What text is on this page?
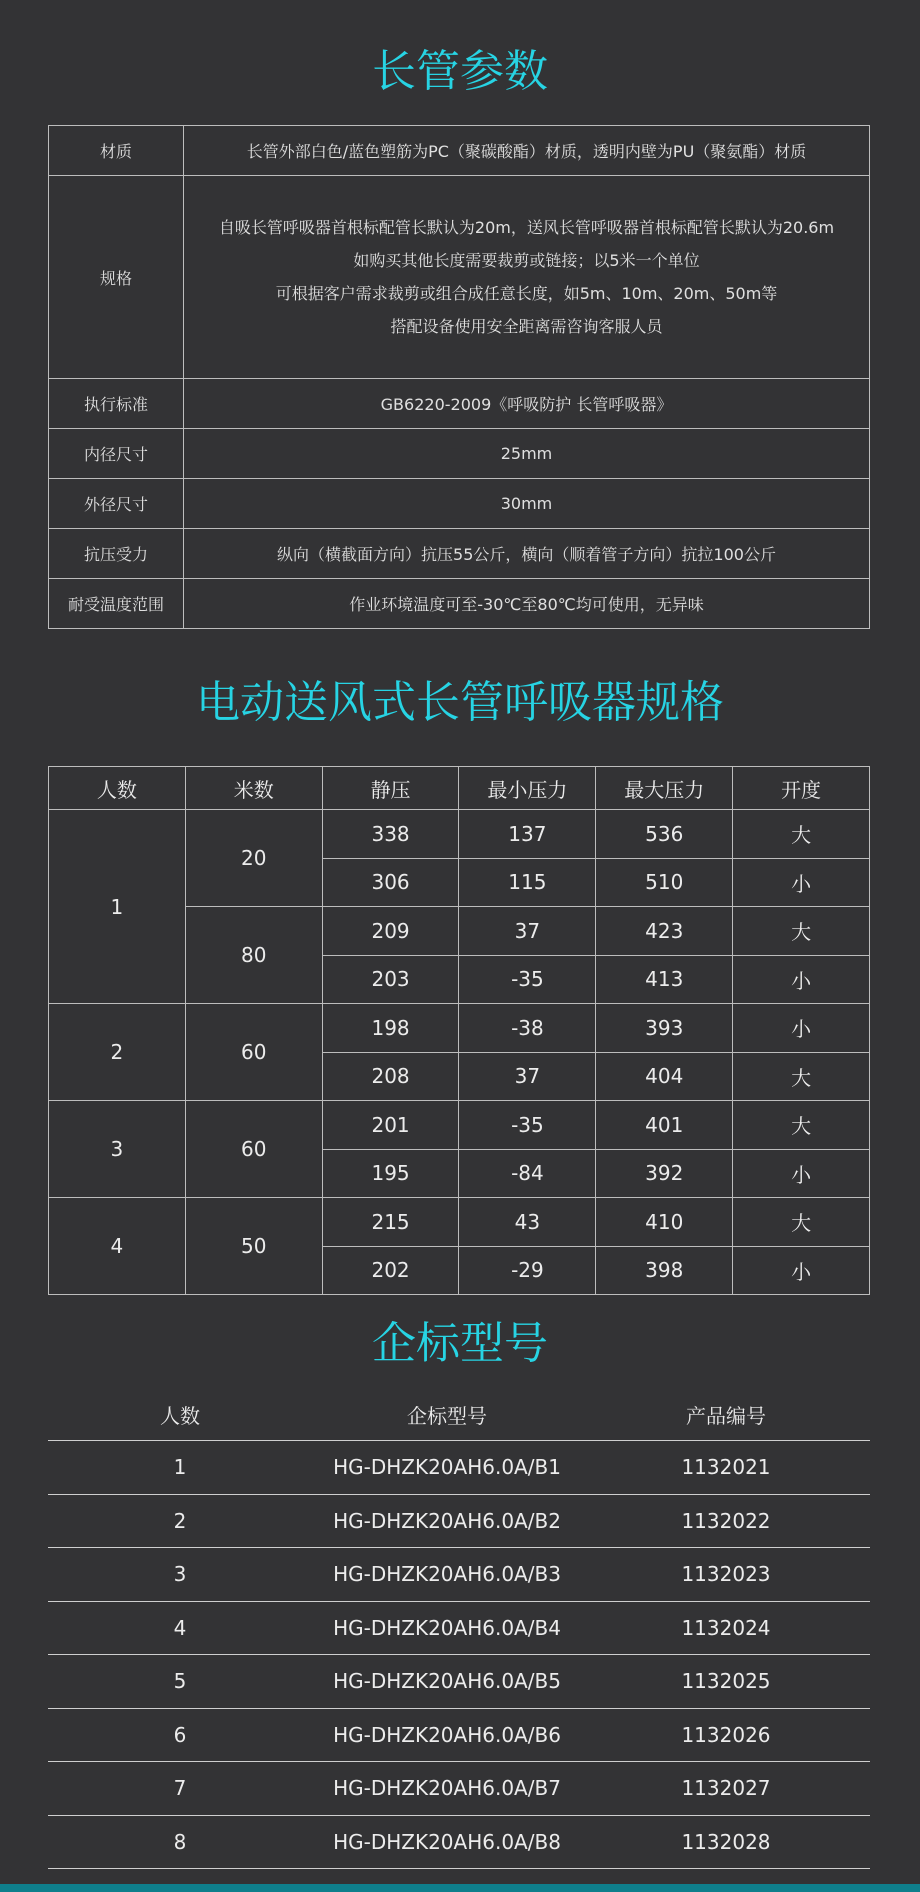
长管参数
材质	长管外部白色/蓝色塑筋为PC（聚碳酸酯）材质，透明内壁为PU（聚氨酯）材质
规格	自吸长管呼吸器首根标配管长默认为20m，送风长管呼吸器首根标配管长默认为20.6m
如购买其他长度需要裁剪或链接；以5米一个单位
可根据客户需求裁剪或组合成任意长度，如5m、10m、20m、50m等
搭配设备使用安全距离需咨询客服人员

执行标准	GB6220-2009《呼吸防护 长管呼吸器》
内径尺寸	25mm
外径尺寸	30mm
抗压受力	纵向（横截面方向）抗压55公斤，横向（顺着管子方向）抗拉100公斤
耐受温度范围	作业环境温度可至-30℃至80℃均可使用，无异味
电动送风式长管呼吸器规格
人数	米数	静压	最小压力	最大压力	开度
1	20	338	137	536	大
		306	115	510	小
	80	209	37	423	大
		203	-35	413	小
2	60	198	-38	393	小
		208	37	404	大
3	60	201	-35	401	大
		195	-84	392	小
4	50	215	43	410	大
		202	-29	398	小
企标型号
人数	企标型号	产品编号
1	HG-DHZK20AH6.0A/B1	1132021
2	HG-DHZK20AH6.0A/B2	1132022
3	HG-DHZK20AH6.0A/B3	1132023
4	HG-DHZK20AH6.0A/B4	1132024
5	HG-DHZK20AH6.0A/B5	1132025
6	HG-DHZK20AH6.0A/B6	1132026
7	HG-DHZK20AH6.0A/B7	1132027
8	HG-DHZK20AH6.0A/B8	1132028
